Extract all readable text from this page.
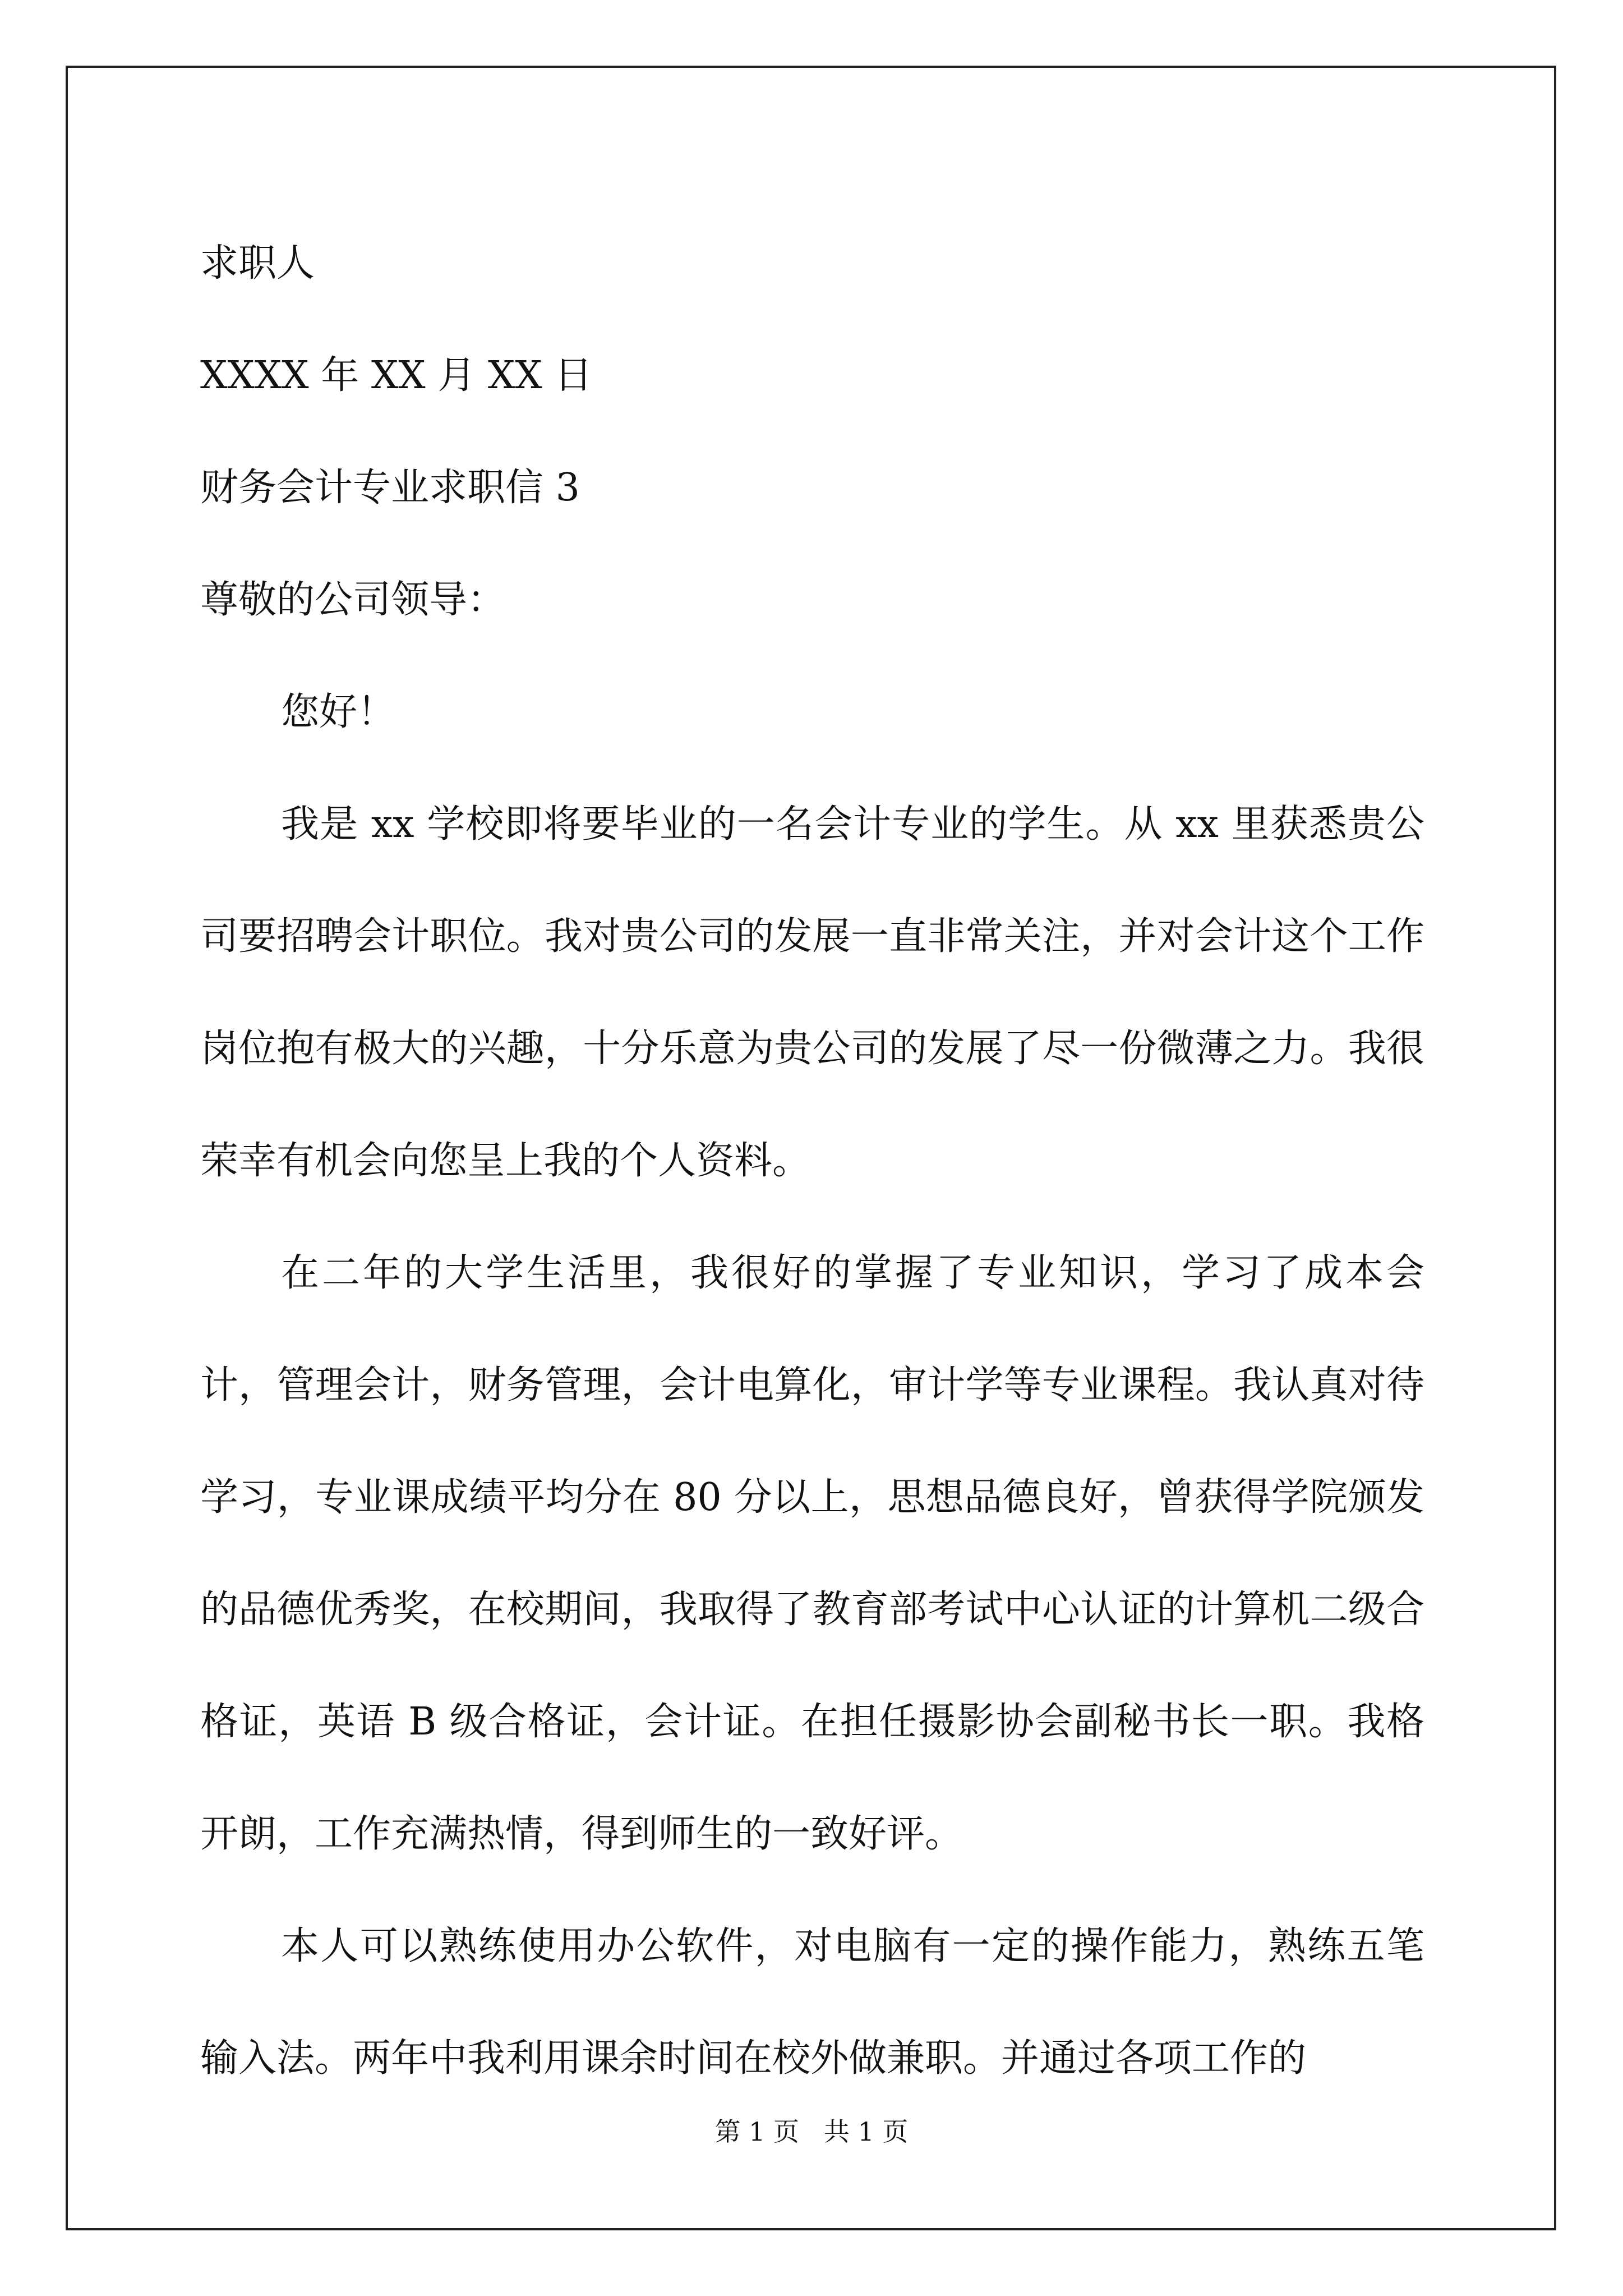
求职人

XXXX 年 XX 月 XX 日

财务会计专业求职信 3

尊敬的公司领导：

您好！

我是 xx 学校即将要毕业的一名会计专业的学生。从 xx 里获悉贵公司要招聘会计职位。我对贵公司的发展一直非常关注，并对会计这个工作岗位抱有极大的兴趣，十分乐意为贵公司的发展了尽一份微薄之力。我很荣幸有机会向您呈上我的个人资料。

在二年的大学生活里，我很好的掌握了专业知识，学习了成本会计，管理会计，财务管理，会计电算化，审计学等专业课程。我认真对待学习，专业课成绩平均分在 80 分以上，思想品德良好，曾获得学院颁发的品德优秀奖，在校期间，我取得了教育部考试中心认证的计算机二级合格证，英语 B 级合格证，会计证。在担任摄影协会副秘书长一职。我格开朗，工作充满热情，得到师生的一致好评。

本人可以熟练使用办公软件，对电脑有一定的操作能力，熟练五笔输入法。两年中我利用课余时间在校外做兼职。并通过各项工作的

第 1 页   共 1 页
